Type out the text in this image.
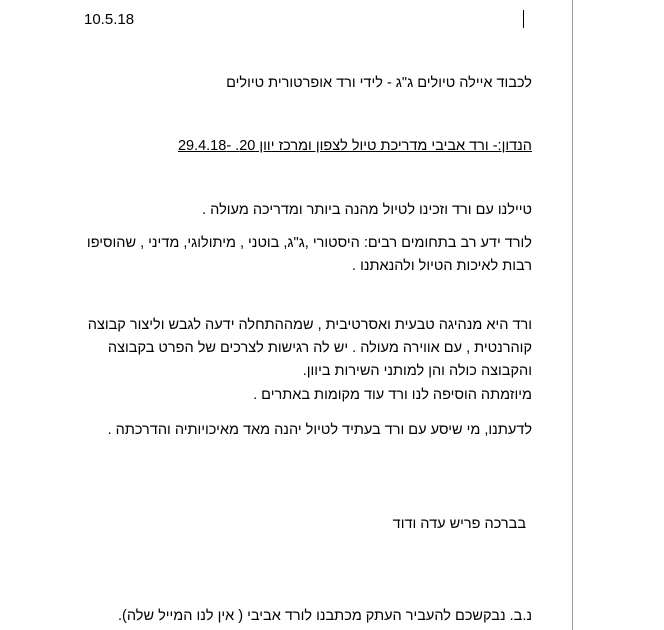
10.5.18
לכבוד איילה טיולים ג"ג - לידי ורד אופרטורית טיולים
הנדון:- ורד אביבי מדריכת טיול לצפון ומרכז יוון 20. -29.4.18
טיילנו עם ורד וזכינו לטיול מהנה ביותר ומדריכה מעולה .
לורד ידע רב בתחומים רבים: היסטורי ,ג"ג, בוטני , מיתולוגי, מדיני , שהוסיפו רבות לאיכות הטיול ולהנאתנו .
ורד היא מנהיגה טבעית ואסרטיבית , שמההתחלה ידעה לגבש וליצור קבוצה קוהרנטית , עם אווירה מעולה . יש לה רגישות לצרכים של הפרט בקבוצה והקבוצה כולה והן למותני השירות ביוון.
מיוזמתה הוסיפה לנו ורד עוד מקומות באתרים .
לדעתנו, מי שיסע עם ורד בעתיד לטיול יהנה מאד מאיכויותיה והדרכתה .
בברכה פריש עדה ודוד
נ.ב. נבקשכם להעביר העתק מכתבנו לורד אביבי ( אין לנו המייל שלה).
